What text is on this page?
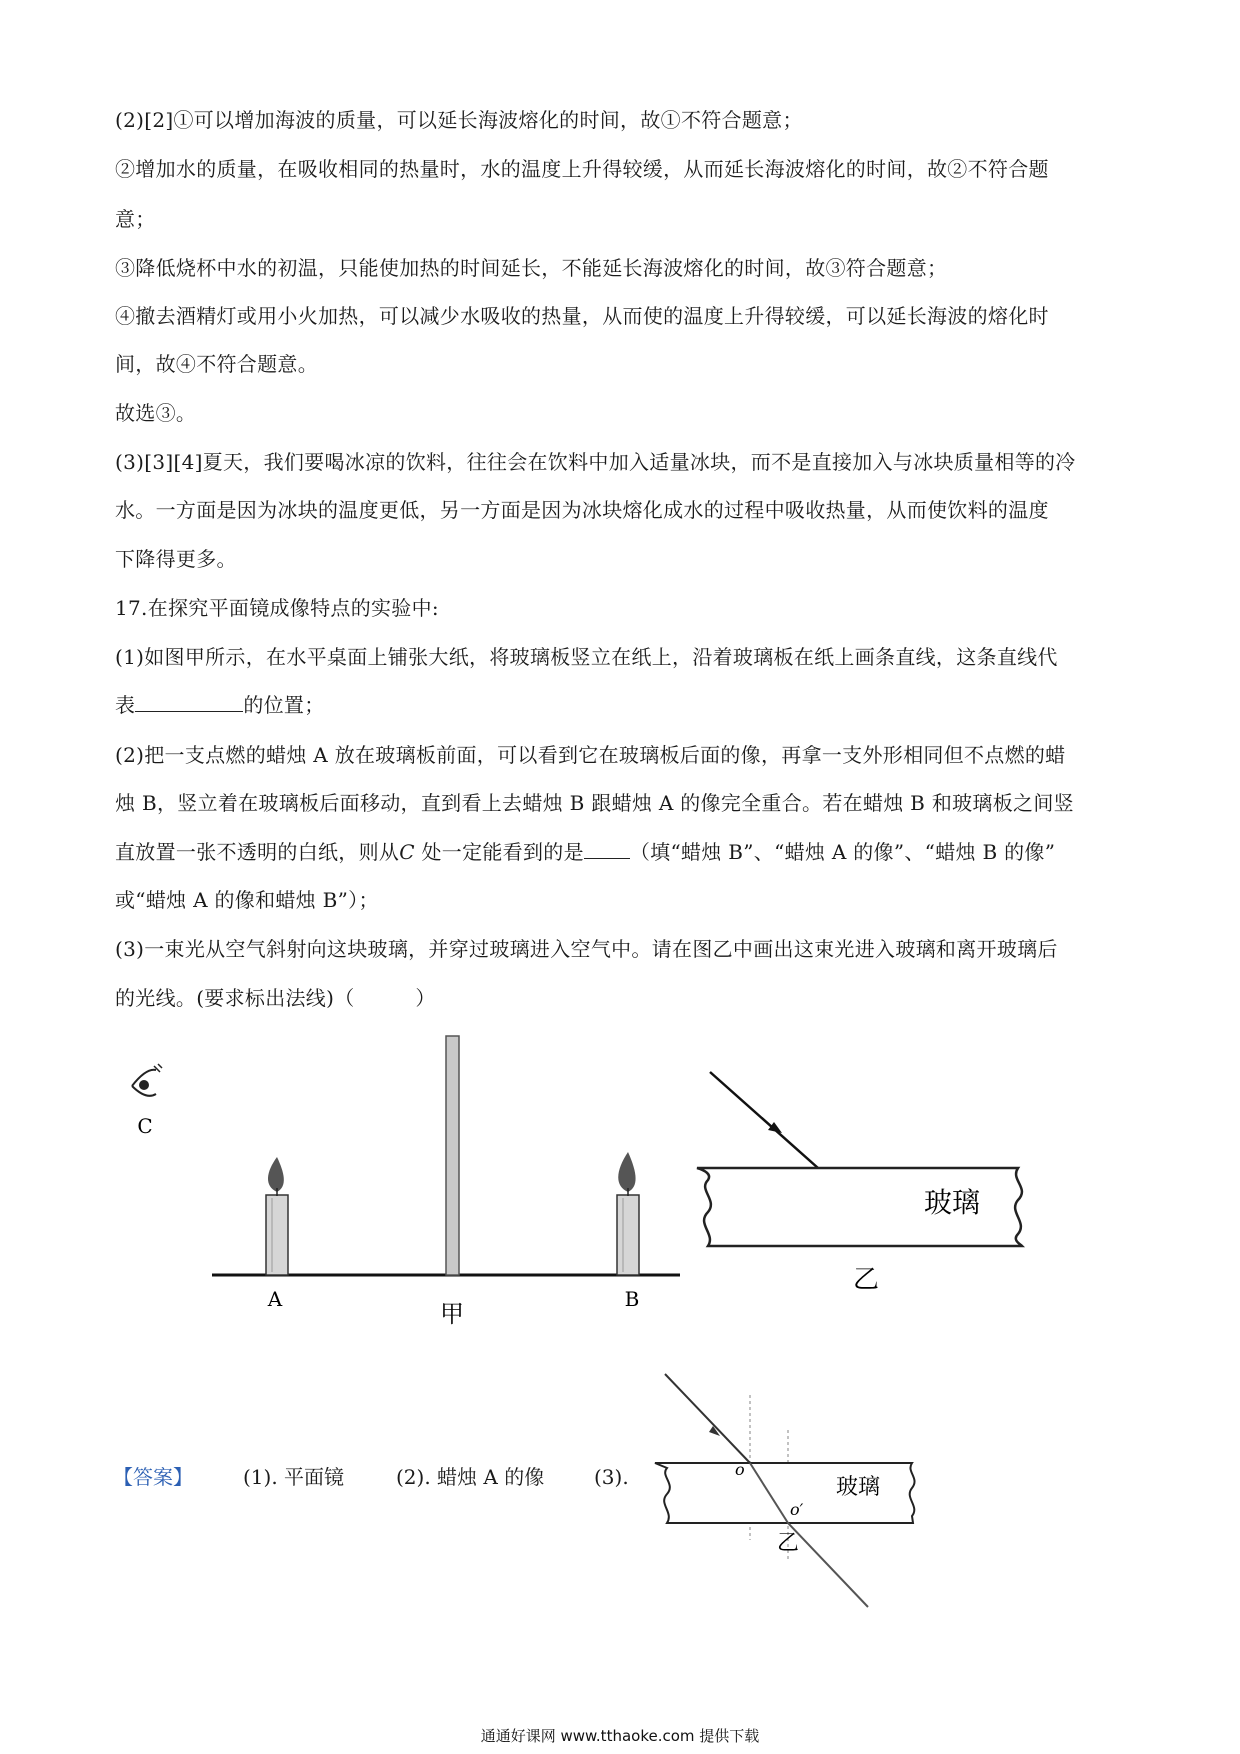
(2)[2]①可以增加海波的质量，可以延长海波熔化的时间，故①不符合题意；
②增加水的质量，在吸收相同的热量时，水的温度上升得较缓，从而延长海波熔化的时间，故②不符合题
意；
③降低烧杯中水的初温，只能使加热的时间延长，不能延长海波熔化的时间，故③符合题意；
④撤去酒精灯或用小火加热，可以减少水吸收的热量，从而使的温度上升得较缓，可以延长海波的熔化时
间，故④不符合题意。
故选③。
(3)[3][4]夏天，我们要喝冰凉的饮料，往往会在饮料中加入适量冰块，而不是直接加入与冰块质量相等的冷
水。一方面是因为冰块的温度更低，另一方面是因为冰块熔化成水的过程中吸收热量，从而使饮料的温度
下降得更多。
17.在探究平面镜成像特点的实验中:
(1)如图甲所示，在水平桌面上铺张大纸，将玻璃板竖立在纸上，沿着玻璃板在纸上画条直线，这条直线代
表	的位置；
(2)把一支点燃的蜡烛 A 放在玻璃板前面，可以看到它在玻璃板后面的像，再拿一支外形相同但不点燃的蜡
烛 B，竖立着在玻璃板后面移动，直到看上去蜡烛 B 跟蜡烛 A 的像完全重合。若在蜡烛 B 和玻璃板之间竖
直放置一张不透明的白纸，则从C 处一定能看到的是 （填“蜡烛 B”、“蜡烛 A 的像”、“蜡烛 B 的像”
或“蜡烛 A 的像和蜡烛 B”）；
(3)一束光从空气斜射向这块玻璃，并穿过玻璃进入空气中。请在图乙中画出这束光进入玻璃和离开玻璃后
的光线。(要求标出法线)（　　　）
C
A	B
甲
玻璃
乙
o
o′
玻璃
乙
【答案】	(1). 平面镜	(2). 蜡烛 A 的像 (3).
通通好课网 www.tthaoke.com 提供下载
